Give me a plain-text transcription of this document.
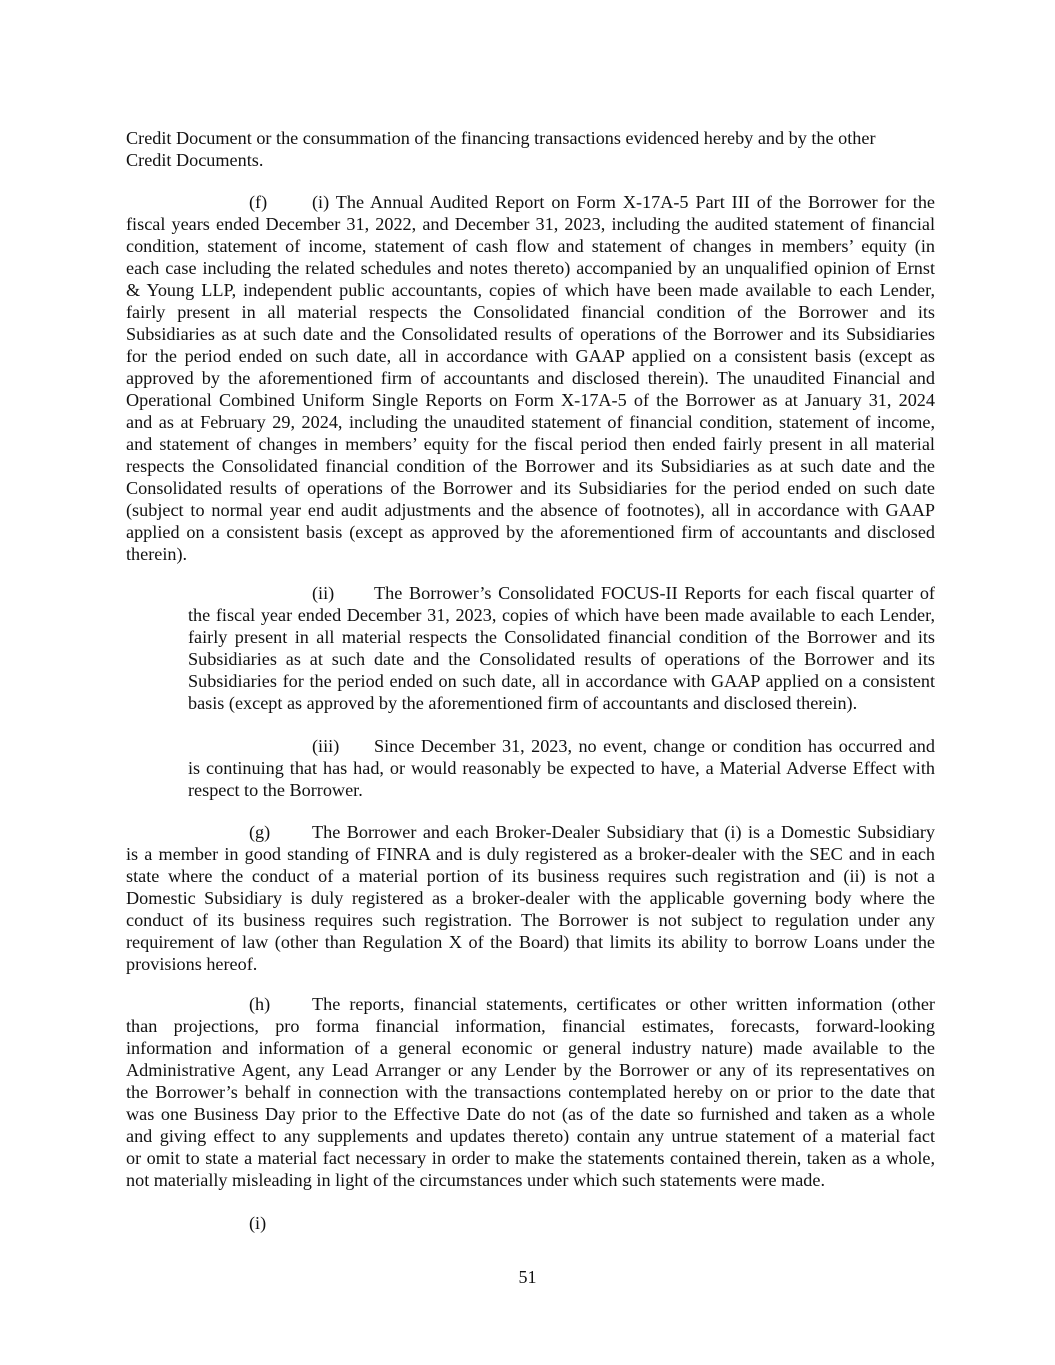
Credit Document or the consummation of the financing transactions evidenced hereby and by the other
Credit Documents.
(f) (i) The Annual Audited Report on Form X-17A-5 Part III of the Borrower for the
fiscal years ended December 31, 2022, and December 31, 2023, including the audited statement of financial
condition, statement of income, statement of cash flow and statement of changes in members’ equity (in
each case including the related schedules and notes thereto) accompanied by an unqualified opinion of Ernst
& Young LLP, independent public accountants, copies of which have been made available to each Lender,
fairly present in all material respects the Consolidated financial condition of the Borrower and its
Subsidiaries as at such date and the Consolidated results of operations of the Borrower and its Subsidiaries
for the period ended on such date, all in accordance with GAAP applied on a consistent basis (except as
approved by the aforementioned firm of accountants and disclosed therein). The unaudited Financial and
Operational Combined Uniform Single Reports on Form X-17A-5 of the Borrower as at January 31, 2024
and as at February 29, 2024, including the unaudited statement of financial condition, statement of income,
and statement of changes in members’ equity for the fiscal period then ended fairly present in all material
respects the Consolidated financial condition of the Borrower and its Subsidiaries as at such date and the
Consolidated results of operations of the Borrower and its Subsidiaries for the period ended on such date
(subject to normal year end audit adjustments and the absence of footnotes), all in accordance with GAAP
applied on a consistent basis (except as approved by the aforementioned firm of accountants and disclosed
therein).
(ii) The Borrower’s Consolidated FOCUS-II Reports for each fiscal quarter of
the fiscal year ended December 31, 2023, copies of which have been made available to each Lender,
fairly present in all material respects the Consolidated financial condition of the Borrower and its
Subsidiaries as at such date and the Consolidated results of operations of the Borrower and its
Subsidiaries for the period ended on such date, all in accordance with GAAP applied on a consistent
basis (except as approved by the aforementioned firm of accountants and disclosed therein).
(iii) Since December 31, 2023, no event, change or condition has occurred and
is continuing that has had, or would reasonably be expected to have, a Material Adverse Effect with
respect to the Borrower.
(g) The Borrower and each Broker-Dealer Subsidiary that (i) is a Domestic Subsidiary
is a member in good standing of FINRA and is duly registered as a broker-dealer with the SEC and in each
state where the conduct of a material portion of its business requires such registration and (ii) is not a
Domestic Subsidiary is duly registered as a broker-dealer with the applicable governing body where the
conduct of its business requires such registration. The Borrower is not subject to regulation under any
requirement of law (other than Regulation X of the Board) that limits its ability to borrow Loans under the
provisions hereof.
(h) The reports, financial statements, certificates or other written information (other
than projections, pro forma financial information, financial estimates, forecasts, forward-looking
information and information of a general economic or general industry nature) made available to the
Administrative Agent, any Lead Arranger or any Lender by the Borrower or any of its representatives on
the Borrower’s behalf in connection with the transactions contemplated hereby on or prior to the date that
was one Business Day prior to the Effective Date do not (as of the date so furnished and taken as a whole
and giving effect to any supplements and updates thereto) contain any untrue statement of a material fact
or omit to state a material fact necessary in order to make the statements contained therein, taken as a whole,
not materially misleading in light of the circumstances under which such statements were made.
(i)
51
